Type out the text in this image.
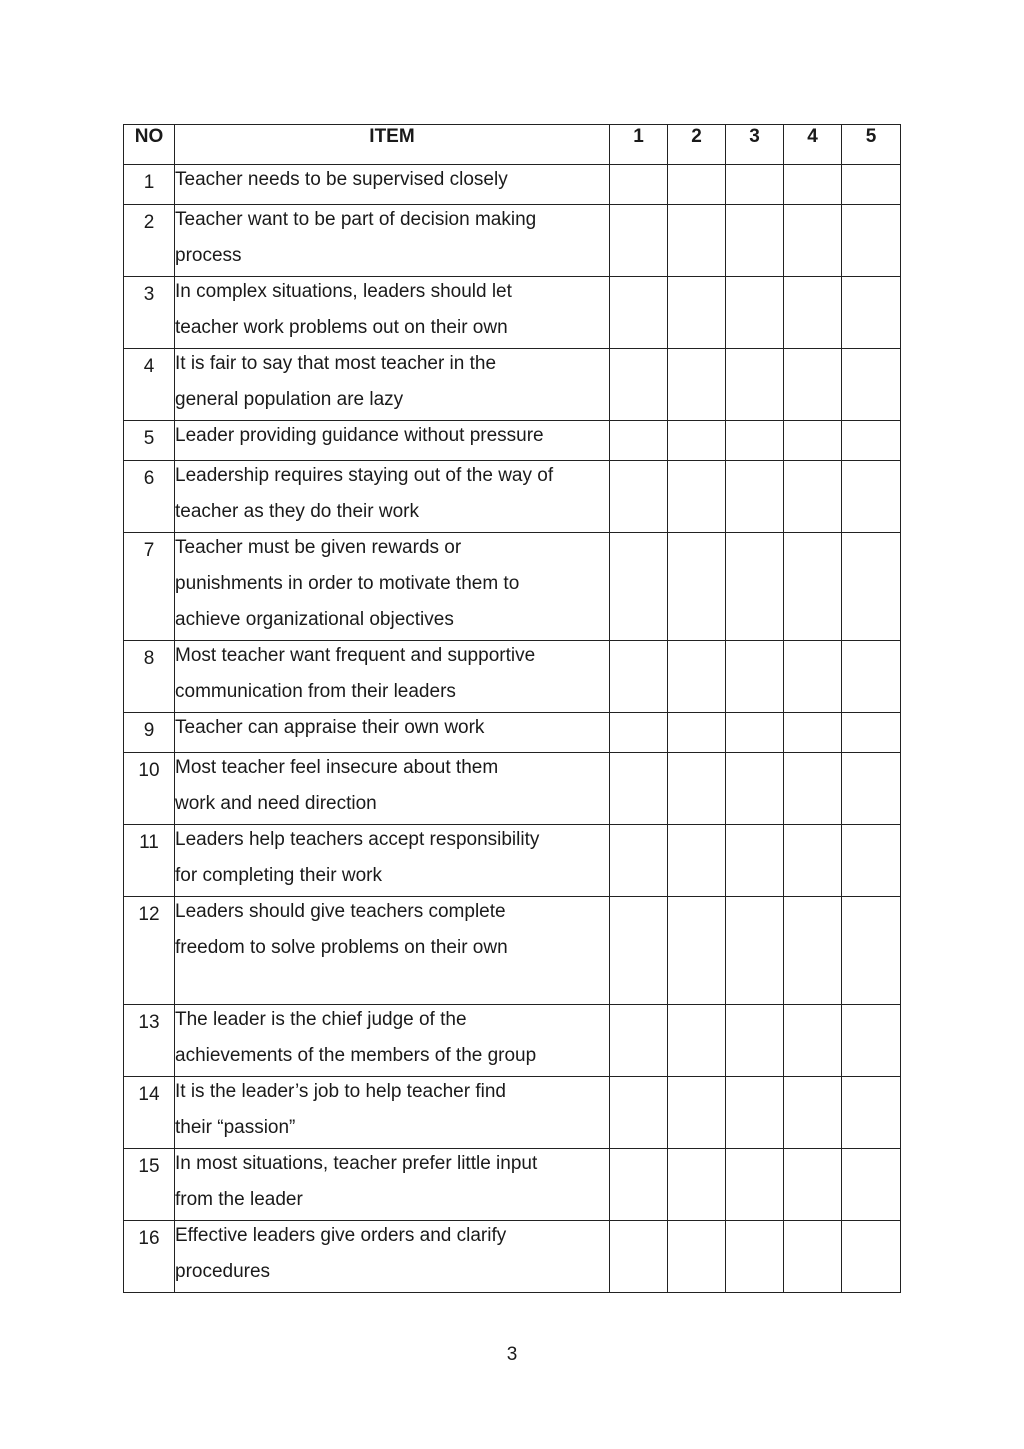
NO	ITEM	1	2	3	4	5
1	Teacher needs to be supervised closely					

2	Teacher want to be part of decision making
process					

3	In complex situations, leaders should let
teacher work problems out on their own					

4	It is fair to say that most teacher in the
general population are lazy					

5	Leader providing guidance without pressure					

6	Leadership requires staying out of the way of
teacher as they do their work					

7	Teacher must be given rewards or
punishments in order to motivate them to
achieve organizational objectives					

8	Most teacher want frequent and supportive
communication from their leaders					

9	Teacher can appraise their own work					

10	Most teacher feel insecure about them
work and need direction					

11	Leaders help teachers accept responsibility
for completing their work					

12	Leaders should give teachers complete
freedom to solve problems on their own					

13	The leader is the chief judge of the
achievements of the members of the group					

14	It is the leader’s job to help teacher find
their “passion”					

15	In most situations, teacher prefer little input
from the leader					

16	Effective leaders give orders and clarify
procedures					

3
